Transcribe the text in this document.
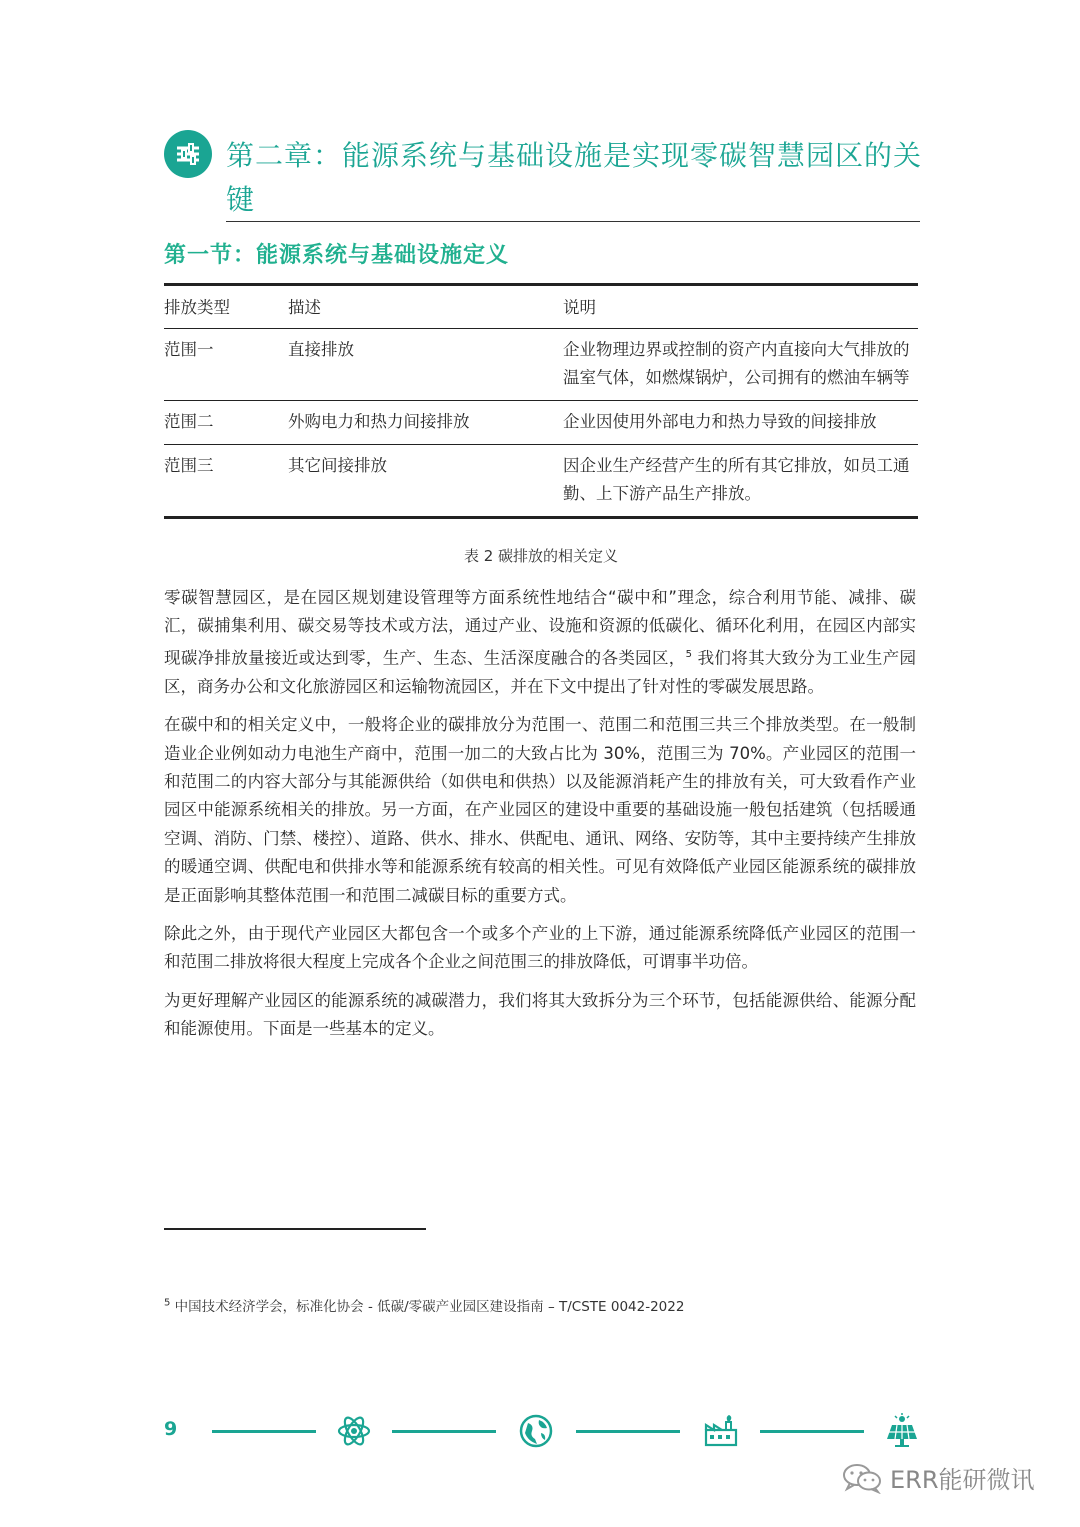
第二章：能源系统与基础设施是实现零碳智慧园区的关键
第一节：能源系统与基础设施定义
排放类型	描述	说明
范围一	直接排放	企业物理边界或控制的资产内直接向大气排放的温室气体，如燃煤锅炉，公司拥有的燃油车辆等
范围二	外购电力和热力间接排放	企业因使用外部电力和热力导致的间接排放
范围三	其它间接排放	因企业生产经营产生的所有其它排放，如员工通勤、上下游产品生产排放。
表 2 碳排放的相关定义

零碳智慧园区，是在园区规划建设管理等方面系统性地结合“碳中和”理念，综合利用节能、减排、碳汇，碳捕集利用、碳交易等技术或方法，通过产业、设施和资源的低碳化、循环化利用，在园区内部实现碳净排放量接近或达到零，生产、生态、生活深度融合的各类园区，$^5$ 我们将其大致分为工业生产园区，商务办公和文化旅游园区和运输物流园区，并在下文中提出了针对性的零碳发展思路。

在碳中和的相关定义中，一般将企业的碳排放分为范围一、范围二和范围三共三个排放类型。在一般制造业企业例如动力电池生产商中，范围一加二的大致占比为 30%，范围三为 70%。产业园区的范围一和范围二的内容大部分与其能源供给（如供电和供热）以及能源消耗产生的排放有关，可大致看作产业园区中能源系统相关的排放。另一方面，在产业园区的建设中重要的基础设施一般包括建筑（包括暖通空调、消防、门禁、楼控）、道路、供水、排水、供配电、通讯、网络、安防等，其中主要持续产生排放的暖通空调、供配电和供排水等和能源系统有较高的相关性。可见有效降低产业园区能源系统的碳排放是正面影响其整体范围一和范围二减碳目标的重要方式。

除此之外，由于现代产业园区大都包含一个或多个产业的上下游，通过能源系统降低产业园区的范围一和范围二排放将很大程度上完成各个企业之间范围三的排放降低，可谓事半功倍。

为更好理解产业园区的能源系统的减碳潜力，我们将其大致拆分为三个环节，包括能源供给、能源分配和能源使用。下面是一些基本的定义。

$^5$ 中国技术经济学会，标准化协会 - 低碳/零碳产业园区建设指南 – T/CSTE 0042-2022
9
ERR能研微讯
